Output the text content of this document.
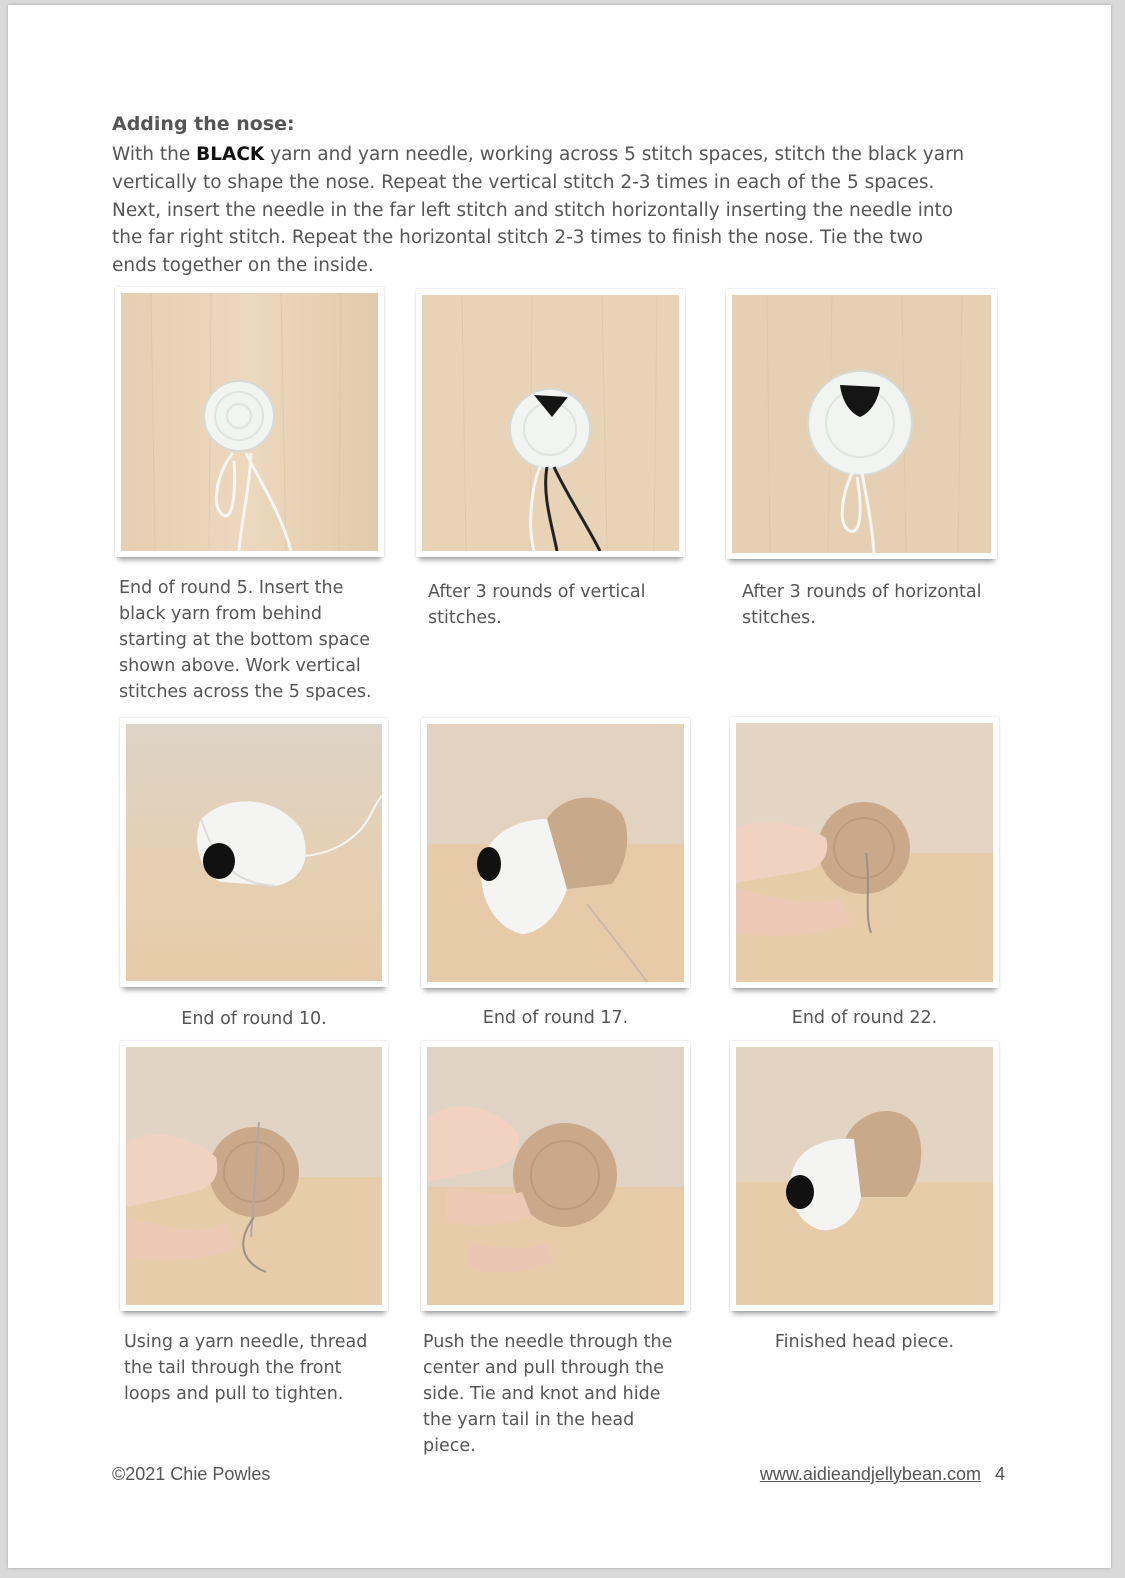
Adding the nose:
With the BLACK yarn and yarn needle, working across 5 stitch spaces, stitch the black yarn vertically to shape the nose. Repeat the vertical stitch 2-3 times in each of the 5 spaces. Next, insert the needle in the far left stitch and stitch horizontally inserting the needle into the far right stitch. Repeat the horizontal stitch 2-3 times to finish the nose. Tie the two ends together on the inside.
End of round 5. Insert the black yarn from behind starting at the bottom space shown above. Work vertical stitches across the 5 spaces.
After 3 rounds of vertical stitches.
After 3 rounds of horizontal stitches.
End of round 10.	End of round 17.	End of round 22.
Using a yarn needle, thread the tail through the front loops and pull to tighten.
Push the needle through the center and pull through the side. Tie and knot and hide the yarn tail in the head piece.
Finished head piece.
©2021 Chie Powles	www.aidieandjellybean.com 4
